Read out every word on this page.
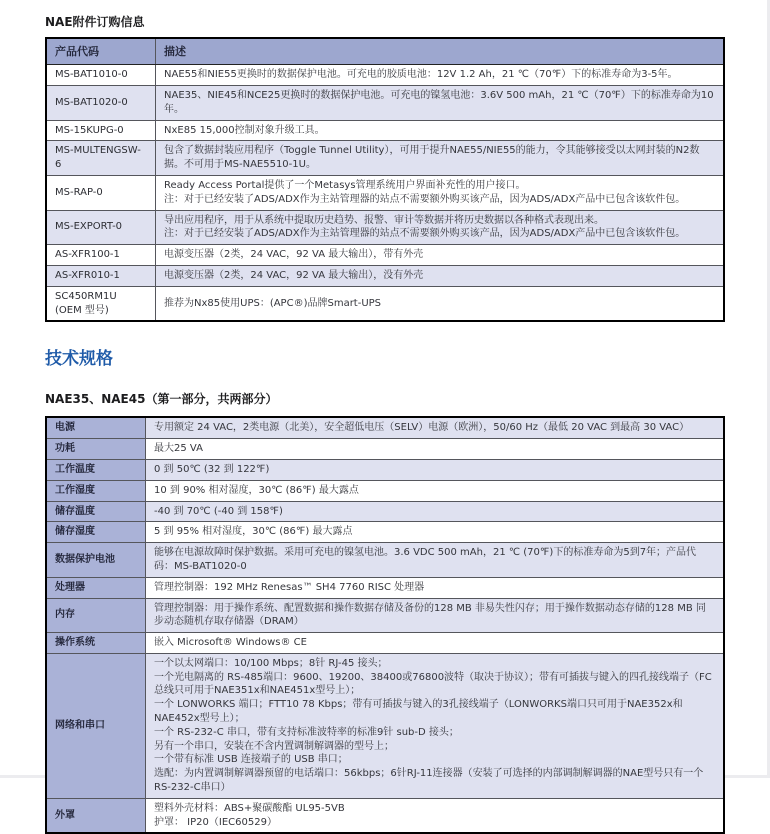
NAE附件订购信息
产品代码	描述

MS-BAT1010-0	NAE55和NIE55更换时的数据保护电池。可充电的胶质电池：12V 1.2 Ah，21 ℃（70℉）下的标准寿命为3-5年。

MS-BAT1020-0	NAE35、NIE45和NCE25更换时的数据保护电池。可充电的镍氢电池：3.6V 500 mAh，21 ℃（70℉）下的标准寿命为10年。

MS-15KUPG-0	NxE85 15,000控制对象升级工具。

MS-MULTENGSW-6	包含了数据封装应用程序（Toggle Tunnel Utility），可用于提升NAE55/NIE55的能力，令其能够接受以太网封装的N2数据。不可用于MS-NAE5510-1U。

MS-RAP-0	Ready Access Portal提供了一个Metasys管理系统用户界面补充性的用户接口。
注：对于已经安装了ADS/ADX作为主站管理器的站点不需要额外购买该产品，因为ADS/ADX产品中已包含该软件包。

MS-EXPORT-0	导出应用程序，用于从系统中提取历史趋势、报警、审计等数据并将历史数据以各种格式表现出来。
注：对于已经安装了ADS/ADX作为主站管理器的站点不需要额外购买该产品，因为ADS/ADX产品中已包含该软件包。

AS-XFR100-1	电源变压器（2类，24 VAC，92 VA 最大输出），带有外壳

AS-XFR010-1	电源变压器（2类，24 VAC，92 VA 最大输出），没有外壳

SC450RM1U
(OEM 型号)	推荐为Nx85使用UPS：(APC®)品牌Smart-UPS
技术规格
NAE35、NAE45（第一部分，共两部分）
电源	专用额定 24 VAC，2类电源（北美），安全超低电压（SELV）电源（欧洲），50/60 Hz（最低 20 VAC 到最高 30 VAC）

功耗	最大25 VA

工作温度	0 到 50℃ (32 到 122℉)

工作湿度	10 到 90% 相对湿度，30℃ (86℉) 最大露点

储存温度	-40 到 70℃ (-40 到 158℉)

储存湿度	5 到 95% 相对湿度，30℃ (86℉) 最大露点

数据保护电池	能够在电源故障时保护数据。采用可充电的镍氢电池。3.6 VDC 500 mAh，21 ℃ (70℉)下的标准寿命为5到7年；产品代码：MS-BAT1020-0

处理器	管理控制器：192 MHz Renesas™ SH4 7760 RISC 处理器

内存	管理控制器：用于操作系统、配置数据和操作数据存储及备份的128 MB 非易失性闪存；用于操作数据动态存储的128 MB 同步动态随机存取存储器（DRAM）

操作系统	嵌入 Microsoft® Windows® CE

网络和串口	
一个以太网端口：10/100 Mbps；8针 RJ-45 接头；
一个光电隔离的 RS-485端口：9600、19200、38400或76800波特（取决于协议）；带有可插拔与键入的四孔接线端子（FC总线只可用于NAE351x和NAE451x型号上）；
一个 LONWORKS 端口；FTT10 78 Kbps；带有可插拔与键入的3孔接线端子（LONWORKS端口只可用于NAE352x和NAE452x型号上）；
一个 RS-232-C 串口，带有支持标准波特率的标准9针 sub-D 接头；
另有一个串口，安装在不含内置调制解调器的型号上；
一个带有标准 USB 连接端子的 USB 串口；
选配：为内置调制解调器预留的电话端口：56kbps；6针RJ-11连接器（安装了可选择的内部调制解调器的NAE型号只有一个RS-232-C串口）

外罩	塑料外壳材料：ABS+聚碳酸酯 UL95-5VB
护罩： IP20（IEC60529）
